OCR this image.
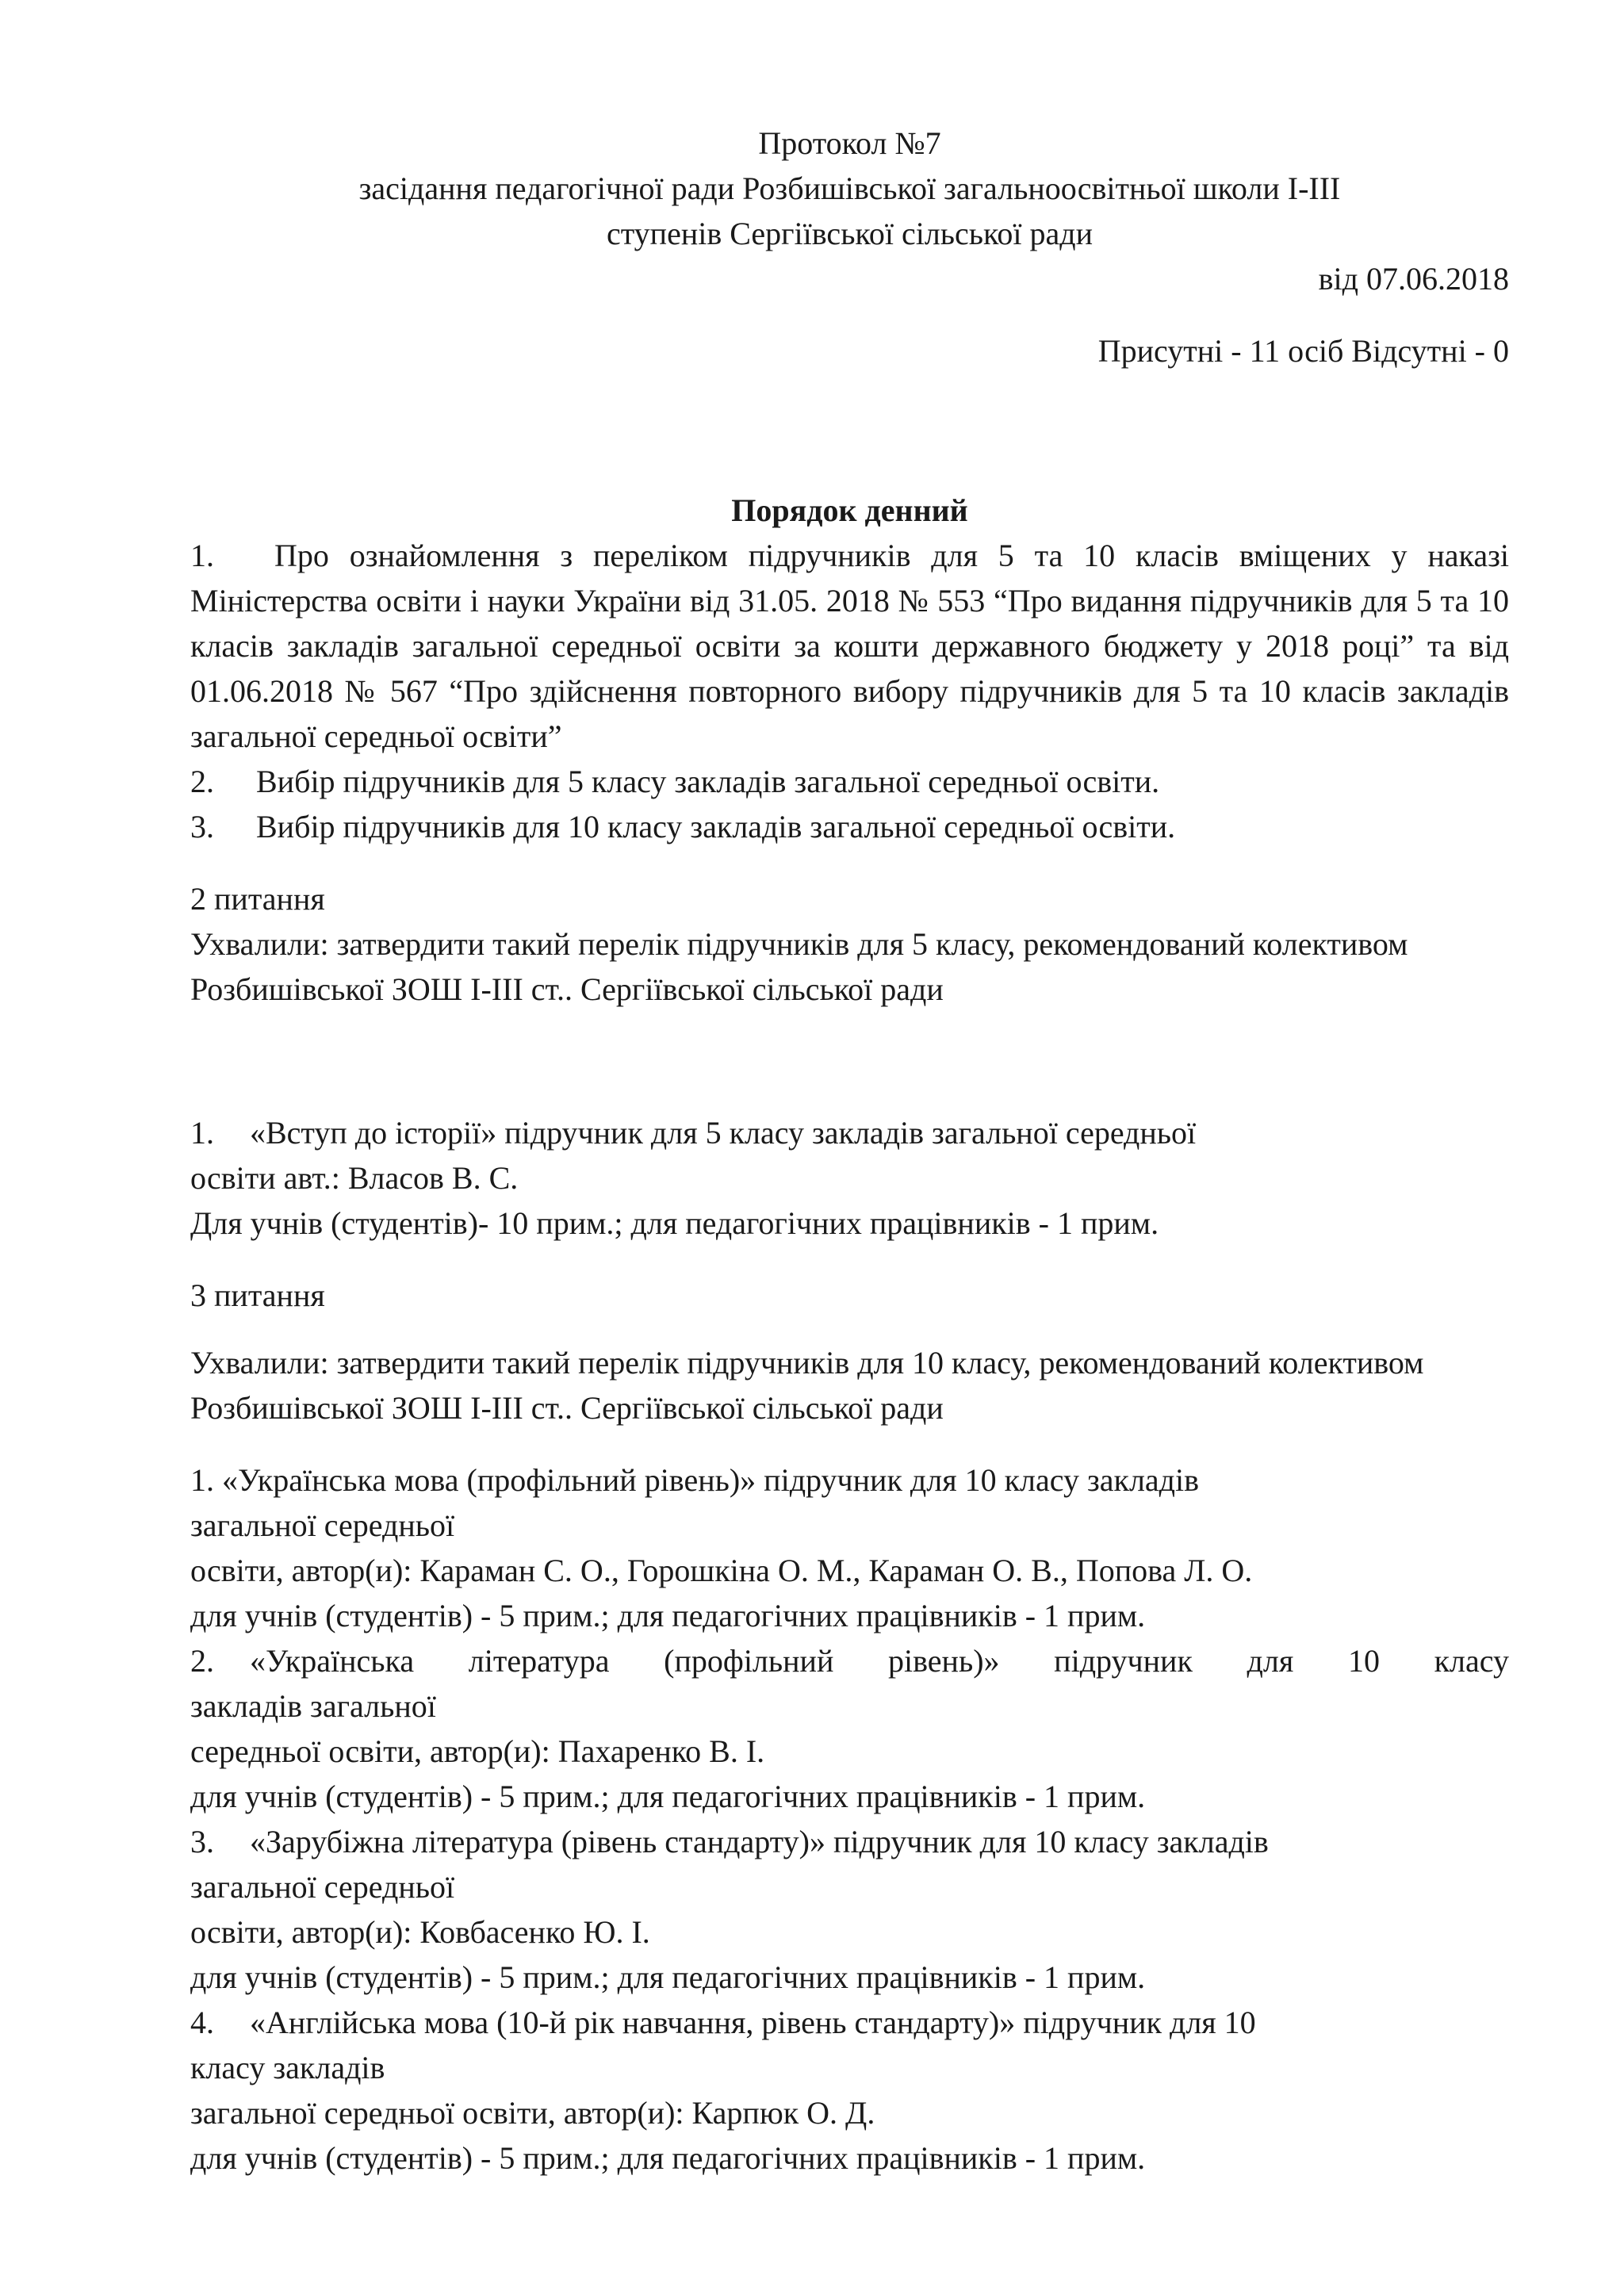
Протокол №7
засідання педагогічної ради Розбишівської загальноосвітньої школи І-ІІІ
ступенів Сергіївської сільської ради
від 07.06.2018
Присутні - 11 осіб Відсутні - 0
Порядок денний
1. Про ознайомлення з переліком підручників для 5 та 10 класів вміщених у наказі Міністерства освіти і науки України від 31.05. 2018 № 553 “Про видання підручників для 5 та 10 класів закладів загальної середньої освіти за кошти державного бюджету у 2018 році” та від 01.06.2018 № 567 “Про здійснення повторного вибору підручників для 5 та 10 класів закладів загальної середньої освіти”
2. Вибір підручників для 5 класу закладів загальної середньої освіти.
3. Вибір підручників для 10 класу закладів загальної середньої освіти.
2 питання
Ухвалили: затвердити такий перелік підручників для 5 класу, рекомендований колективом Розбишівської ЗОШ І-ІІІ ст.. Сергіївської сільської ради
1. «Вступ до історії» підручник для 5 класу закладів загальної середньої
освіти авт.: Власов В. С.
Для учнів (студентів)- 10 прим.; для педагогічних працівників - 1 прим.
3 питання
Ухвалили: затвердити такий перелік підручників для 10 класу, рекомендований колективом Розбишівської ЗОШ І-ІІІ ст.. Сергіївської сільської ради
1. «Українська мова (профільний рівень)» підручник для 10 класу закладів
загальної середньої
освіти, автор(и): Караман С. О., Горошкіна О. М., Караман О. В., Попова Л. О.
для учнів (студентів) - 5 прим.; для педагогічних працівників - 1 прим.
2. «Українська література (профільний рівень)» підручник для 10 класу
закладів загальної
середньої освіти, автор(и): Пахаренко В. І.
для учнів (студентів) - 5 прим.; для педагогічних працівників - 1 прим.
3. «Зарубіжна література (рівень стандарту)» підручник для 10 класу закладів
загальної середньої
освіти, автор(и): Ковбасенко Ю. І.
для учнів (студентів) - 5 прим.; для педагогічних працівників - 1 прим.
4. «Англійська мова (10-й рік навчання, рівень стандарту)» підручник для 10
класу закладів
загальної середньої освіти, автор(и): Карпюк О. Д.
для учнів (студентів) - 5 прим.; для педагогічних працівників - 1 прим.
